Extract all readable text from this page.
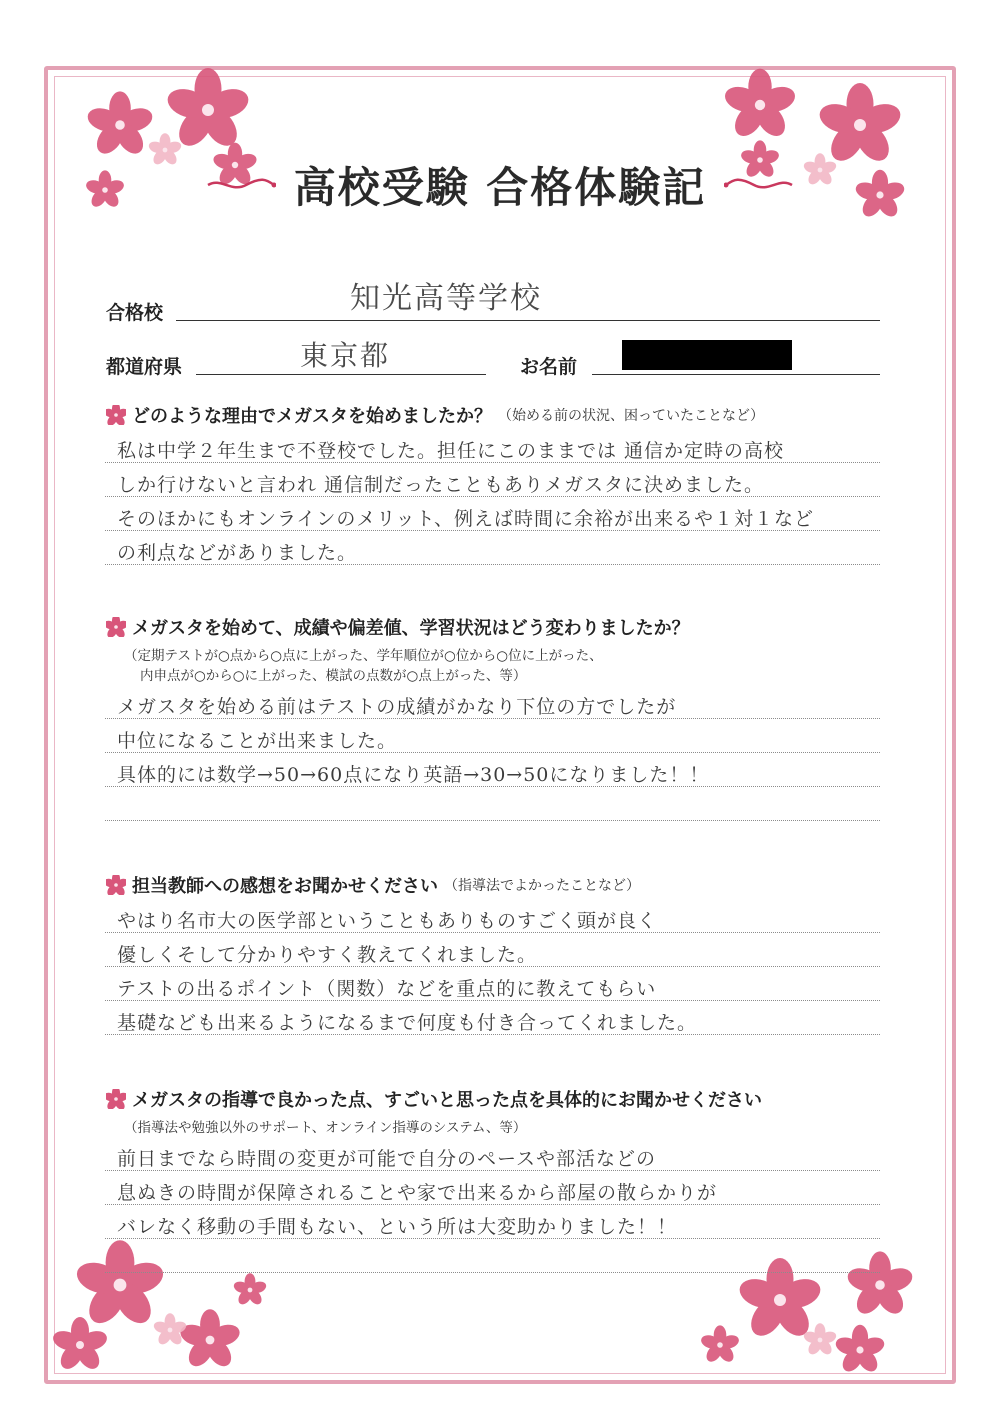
高校受験 合格体験記
合格校	知光高等学校
都道府県	東京都	お名前
どのような理由でメガスタを始めましたか？ （始める前の状況、困っていたことなど）
私は中学２年生まで不登校でした。担任にこのままでは 通信か定時の高校
しか行けないと言われ 通信制だったこともありメガスタに決めました。
そのほかにもオンラインのメリット、例えば時間に余裕が出来るや１対１など
の利点などがありました。
メガスタを始めて、成績や偏差値、学習状況はどう変わりましたか？
（定期テストが○点から○点に上がった、学年順位が○位から○位に上がった、
内申点が○から○に上がった、模試の点数が○点上がった、等）
メガスタを始める前はテストの成績がかなり下位の方でしたが
中位になることが出来ました。
具体的には数学→50→60点になり英語→30→50になりました！！
担当教師への感想をお聞かせください （指導法でよかったことなど）
やはり名市大の医学部ということもありものすごく頭が良く
優しくそして分かりやすく教えてくれました。
テストの出るポイント（関数）などを重点的に教えてもらい
基礎なども出来るようになるまで何度も付き合ってくれました。
メガスタの指導で良かった点、すごいと思った点を具体的にお聞かせください
（指導法や勉強以外のサポート、オンライン指導のシステム、等）
前日までなら時間の変更が可能で自分のペースや部活などの
息ぬきの時間が保障されることや家で出来るから部屋の散らかりが
バレなく移動の手間もない、という所は大変助かりました！！
